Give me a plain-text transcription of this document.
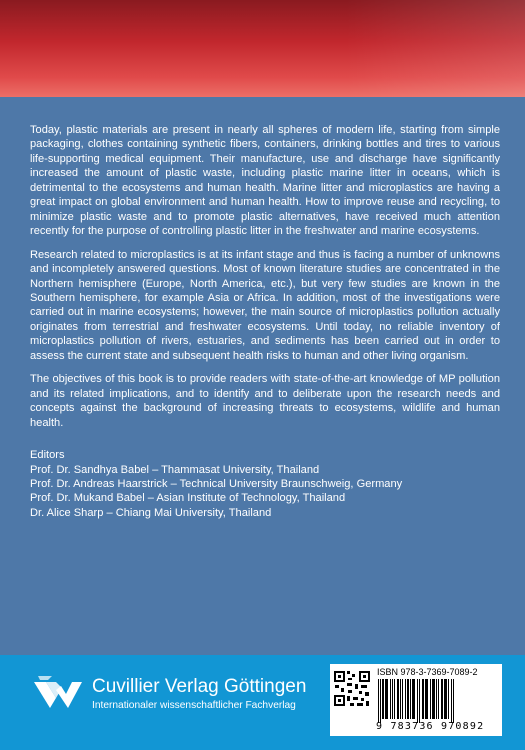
Today, plastic materials are present in nearly all spheres of modern life, starting from simple packaging, clothes containing synthetic fibers, containers, drinking bottles and tires to various life-supporting medical equipment. Their manufacture, use and discharge have significantly increased the amount of plastic waste, including plastic marine litter in oceans, which is detrimental to the ecosystems and human health. Marine litter and microplastics are having a great impact on global environment and human health. How to improve reuse and recycling, to minimize plastic waste and to promote plastic alternatives, have received much attention recently for the purpose of controlling plastic litter in the freshwater and marine ecosystems.

Research related to microplastics is at its infant stage and thus is facing a number of unknowns and incompletely answered questions. Most of known literature studies are concentrated in the Northern hemisphere (Europe, North America, etc.), but very few studies are known in the Southern hemisphere, for example Asia or Africa. In addition, most of the investigations were carried out in marine ecosystems; however, the main source of microplastics pollution actually originates from terrestrial and freshwater ecosystems. Until today, no reliable inventory of microplastics pollution of rivers, estuaries, and sediments has been carried out in order to assess the current state and subsequent health risks to human and other living organism.

The objectives of this book is to provide readers with state-of-the-art knowledge of MP pollution and its related implications, and to identify and to deliberate upon the research needs and concepts against the background of increasing threats to ecosystems, wildlife and human health.

Editors
Prof. Dr. Sandhya Babel – Thammasat University, Thailand
Prof. Dr. Andreas Haarstrick – Technical University Braunschweig, Germany
Prof. Dr. Mukand Babel – Asian Institute of Technology, Thailand
Dr. Alice Sharp – Chiang Mai University, Thailand
Cuvillier Verlag Göttingen
Internationaler wissenschaftlicher Fachverlag
ISBN 978-3-7369-7089-2
9 783736 970892
